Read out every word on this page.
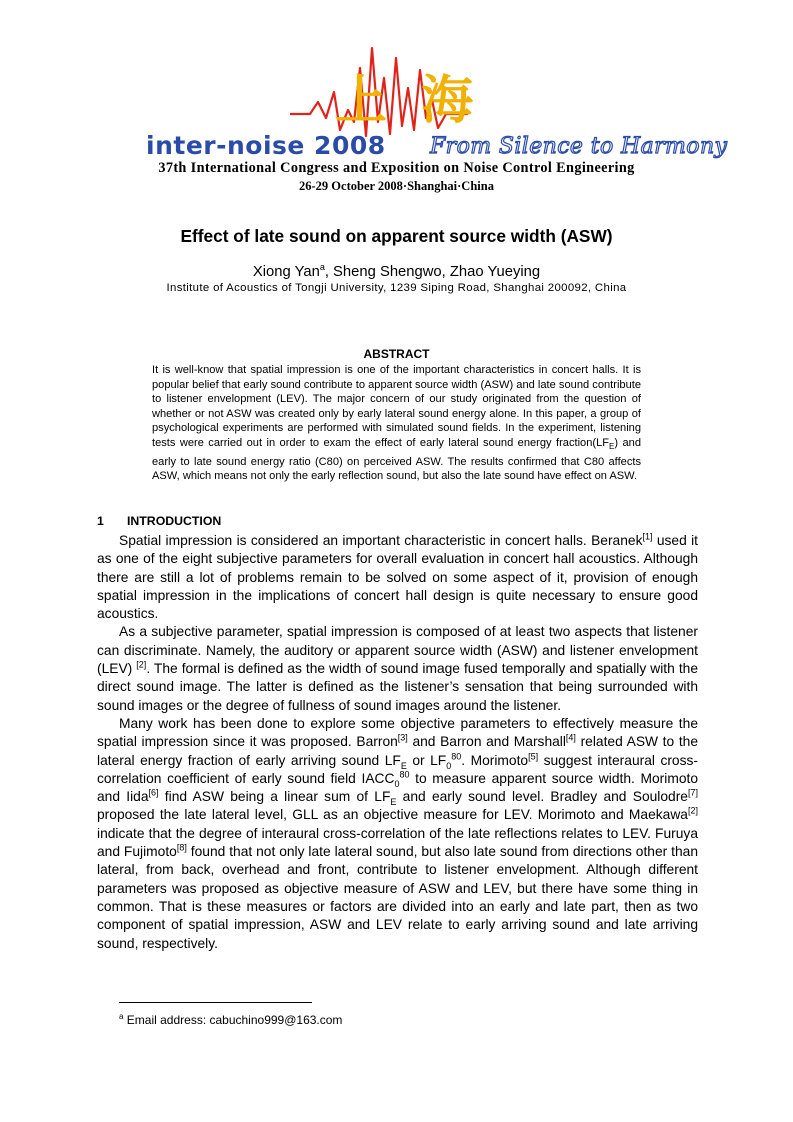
上海
inter-noise 2008 From Silence to Harmony
37th International Congress and Exposition on Noise Control Engineering
26-29 October 2008·Shanghai·China
Effect of late sound on apparent source width (ASW)
Xiong Yan$^a$, Sheng Shengwo, Zhao Yueying
Institute of Acoustics of Tongji University, 1239 Siping Road, Shanghai 200092, China
ABSTRACT
It is well-know that spatial impression is one of the important characteristics in concert halls. It is popular belief that early sound contribute to apparent source width (ASW) and late sound contribute to listener envelopment (LEV). The major concern of our study originated from the question of whether or not ASW was created only by early lateral sound energy alone. In this paper, a group of psychological experiments are performed with simulated sound fields. In the experiment, listening tests were carried out in order to exam the effect of early lateral sound energy $fraction(LF_E)$ and early to late sound energy ratio (C80) on perceived ASW. The results confirmed that C80 affects ASW, which means not only the early reflection sound, but also the late sound have effect on ASW.
1 INTRODUCTION

Spatial impression is considered an important characteristic in concert halls. Beranek[1] used it as one of the eight subjective parameters for overall evaluation in concert hall acoustics. Although there are still a lot of problems remain to be solved on some aspect of it, provision of enough spatial impression in the implications of concert hall design is quite necessary to ensure good acoustics.

As a subjective parameter, spatial impression is composed of at least two aspects that listener can discriminate. Namely, the auditory or apparent source width (ASW) and listener envelopment (LEV) [2]. The formal is defined as the width of sound image fused temporally and spatially with the direct sound image. The latter is defined as the listener’s sensation that being surrounded with sound images or the degree of fullness of sound images around the listener.

Many work has been done to explore some objective parameters to effectively measure the spatial impression since it was proposed. Barron[3] and Barron and Marshall[4] related ASW to the lateral energy fraction of early arriving sound $LF_E$ or $LF_0^{80}$. Morimoto[5] suggest interaural cross-correlation coefficient of early sound field $IACC_0^{80}$ to measure apparent source width. Morimoto and Iida[6] find ASW being a linear sum of $LF_E$ and early sound level. Bradley and Soulodre[7] proposed the late lateral level, GLL as an objective measure for LEV. Morimoto and Maekawa[2] indicate that the degree of interaural cross-correlation of the late reflections relates to LEV. Furuya and Fujimoto[8] found that not only late lateral sound, but also late sound from directions other than lateral, from back, overhead and front, contribute to listener envelopment. Although different parameters was proposed as objective measure of ASW and LEV, but there have some thing in common. That is these measures or factors are divided into an early and late part, then as two component of spatial impression, ASW and LEV relate to early arriving sound and late arriving sound, respectively.

$^a$ Email address: cabuchino999@163.com
